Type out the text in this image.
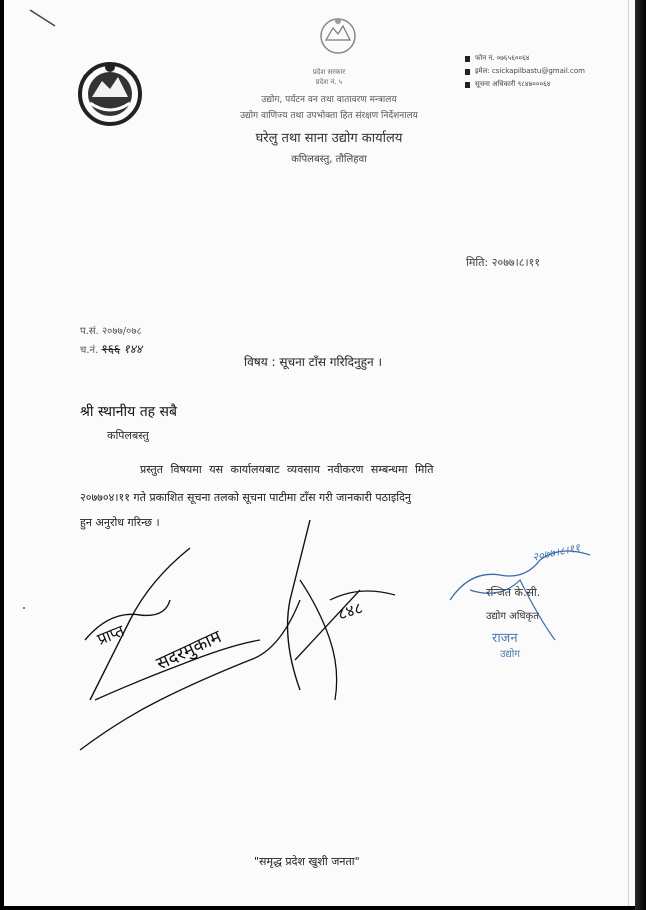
प्रदेश सरकार
प्रदेश नं. ५
उद्योग, पर्यटन वन तथा वातावरण मन्त्रालय
उद्योग वाणिज्य तथा उपभोक्ता हित संरक्षण निर्देशनालय
घरेलु तथा साना उद्योग कार्यालय
कपिलबस्तु, तौलिहवा
फोन नं. ०७६५६००६४
इमेल: csickapilbastu@gmail.com
सूचना अधिकारी ९८४७०००६४
मिति: २०७७।८।११
प.सं. २०७७/०७८
च.नं. १६६ १४४
विषय : सूचना टाँस गरिदिनुहुन ।
श्री स्थानीय तह सबै
कपिलबस्तु
प्रस्तुत विषयमा यस कार्यालयबाट व्यवसाय नवीकरण सम्बन्धमा मिति
२०७७०४।११ गते प्रकाशित सूचना तलको सूचना पाटीमा टाँस गरी जानकारी पठाइदिनु
हुन अनुरोध गरिन्छ ।
रन्जित के.सी.
उद्योग अधिकृत
राजन
उद्योग
२०७७।८।११
"समृद्ध प्रदेश खुशी जनता"
प्राप्त सदरमुकाम
८४८
